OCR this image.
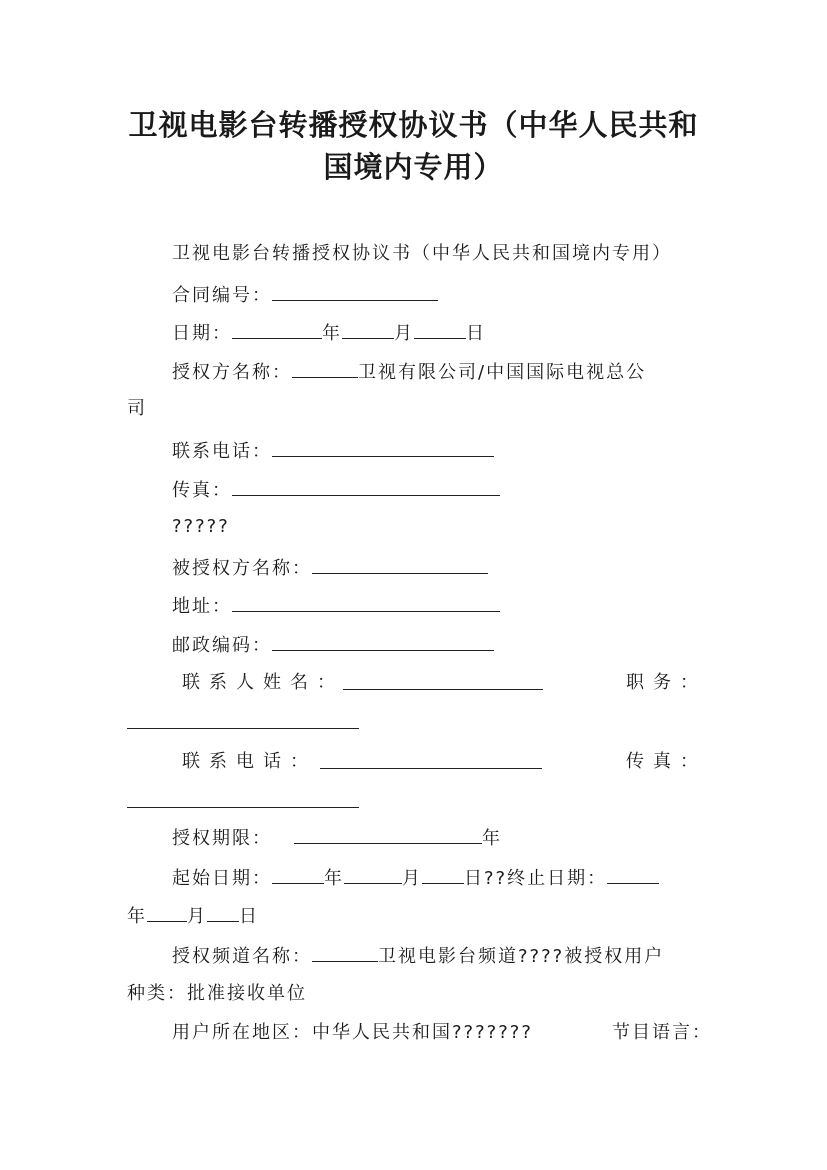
卫视电影台转播授权协议书（中华人民共和
国境内专用）
卫视电影台转播授权协议书（中华人民共和国境内专用）
合同编号：
日期：	年	月	日
授权方名称：	卫视有限公司/中国国际电视总公
司
联系电话：
传真：
?????
被授权方名称：
地址：
邮政编码：
联系人姓名：	职务：
联系电话：	传真：
授权期限：	年
起始日期：	年	月 日??终止日期：
年 月 日
授权频道名称：	卫视电影台频道????被授权用户
种类：批准接收单位
用户所在地区：中华人民共和国???????	节目语言：
